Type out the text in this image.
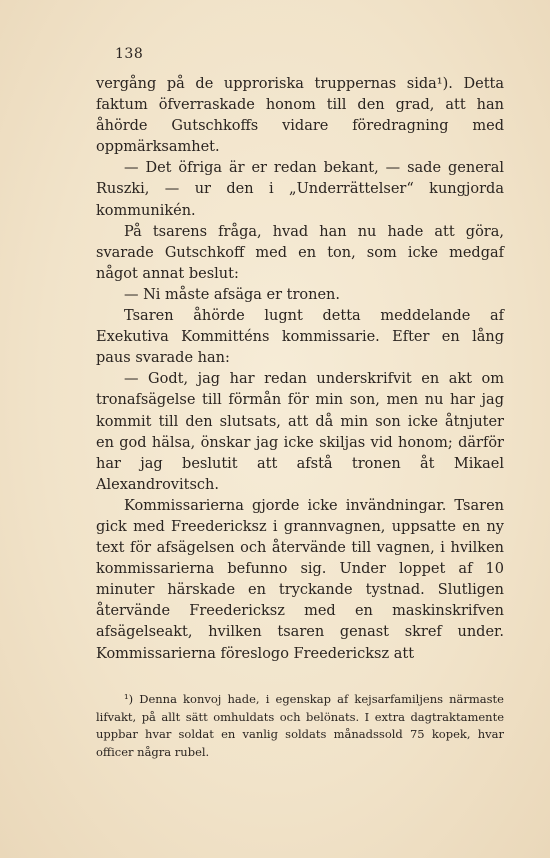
138

vergång på de upproriska truppernas sida¹). Detta faktum öfverraskade honom till den grad, att han åhörde Gutschkoffs vidare föredragning med oppmärksamhet.

— Det öfriga är er redan bekant, — sade general Ruszki, — ur den i „Underrättelser“ kungjorda kommunikén.

På tsarens fråga, hvad han nu hade att göra, svarade Gutschkoff med en ton, som icke medgaf något annat beslut:

— Ni måste afsäga er tronen.

Tsaren åhörde lugnt detta meddelande af Exekutiva Kommitténs kommissarie. Efter en lång paus svarade han:

— Godt, jag har redan underskrifvit en akt om tronafsägelse till förmån för min son, men nu har jag kommit till den slutsats, att då min son icke åtnjuter en god hälsa, önskar jag icke skiljas vid honom; därför har jag beslutit att afstå tronen åt Mikael Alexandrovitsch.

Kommissarierna gjorde icke invändningar. Tsaren gick med Freedericksz i grannvagnen, uppsatte en ny text för afsägelsen och återvände till vagnen, i hvilken kommissarierna befunno sig. Under loppet af 10 minuter härskade en tryckande tystnad. Slutligen återvände Freedericksz med en maskinskrifven afsägelseakt, hvilken tsaren genast skref under. Kommissarierna föreslogo Freedericksz att

¹) Denna konvoj hade, i egenskap af kejsarfamiljens närmaste lifvakt, på allt sätt omhuldats och belönats. I extra dagtraktamente uppbar hvar soldat en vanlig soldats månadssold 75 kopek, hvar officer några rubel.
